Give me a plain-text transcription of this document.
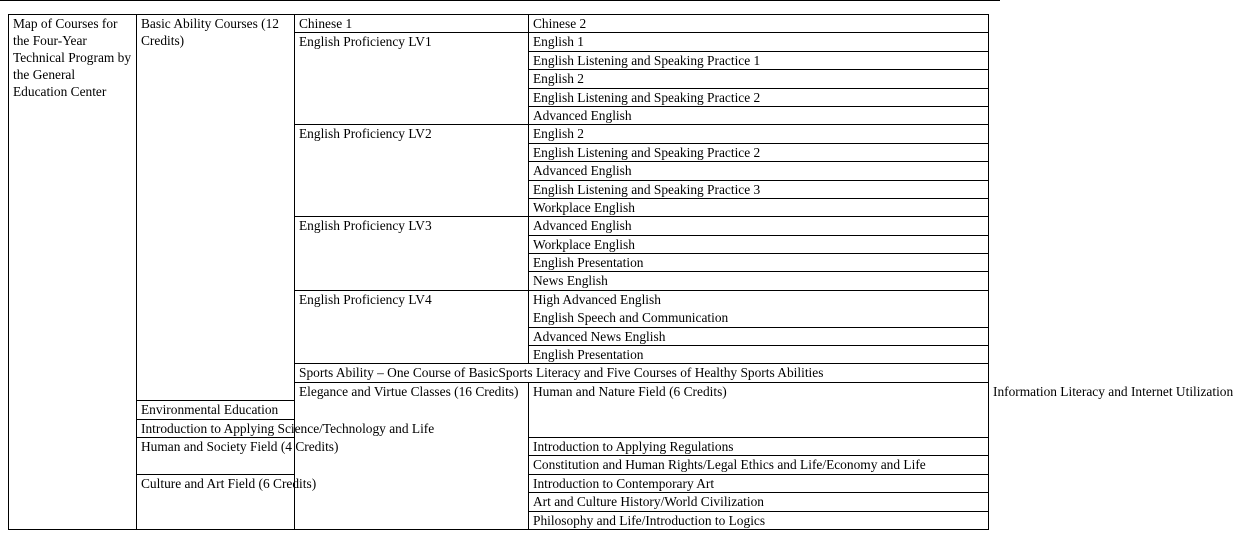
Map of Courses for the Four-Year Technical Program by the General Education Center	Basic Ability Courses (12 Credits)	Chinese 1	Chinese 2	
		English Proficiency LV1	English 1	
			English Listening and Speaking Practice 1	
			English 2	
			English Listening and Speaking Practice 2	
			Advanced English	
		English Proficiency LV2	English 2	
			English Listening and Speaking Practice 2	
			Advanced English	
			English Listening and Speaking Practice 3	
			Workplace English	
		English Proficiency LV3	Advanced English	
			Workplace English	
			English Presentation	
			News English	
		English Proficiency LV4	High Advanced English	
			English Speech and Communication	
			Advanced News English	
			English Presentation	
		Sports Ability – One Course of BasicSports Literacy and Five Courses of Healthy Sports Abilities		
		Elegance and Virtue Classes (16 Credits)	Human and Nature Field (6 Credits)	Information Literacy and Internet Utilization
	Environmental Education			
	Introduction to Applying Science/Technology and Life			
	Human and Society Field (4 Credits)		Introduction to Applying Regulations	
			Constitution and Human Rights/Legal Ethics and Life/Economy and Life	
	Culture and Art Field (6 Credits)		Introduction to Contemporary Art	
			Art and Culture History/World Civilization	
			Philosophy and Life/Introduction to Logics	
